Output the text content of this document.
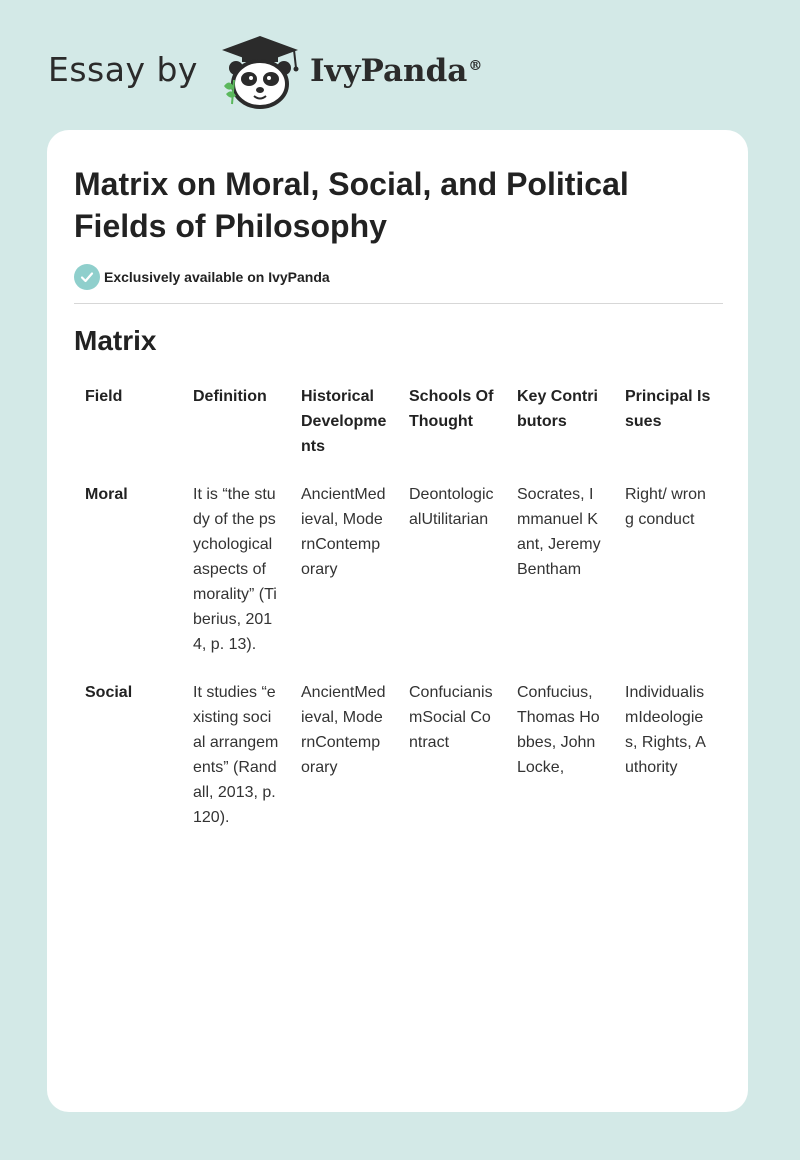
Essay by	IvyPanda®
Matrix on Moral, Social, and Political Fields of Philosophy
Exclusively available on IvyPanda
Matrix
Field	Definition	Historical Developments	Schools Of Thought	Key Contributors	Principal Issues
Moral	It is “the study of the psychological aspects of morality” (Tiberius, 2014, p. 13).	AncientMedieval, ModernContemporary	DeontologicalUtilitarian	Socrates, Immanuel Kant, Jeremy Bentham	Right/ wrong conduct
Social	It studies “existing social arrangements” (Randall, 2013, p. 120).	AncientMedieval, ModernContemporary	ConfucianismSocial Contract	Confucius, Thomas Hobbes, John Locke,	IndividualismIdeologies, Rights, Authority
